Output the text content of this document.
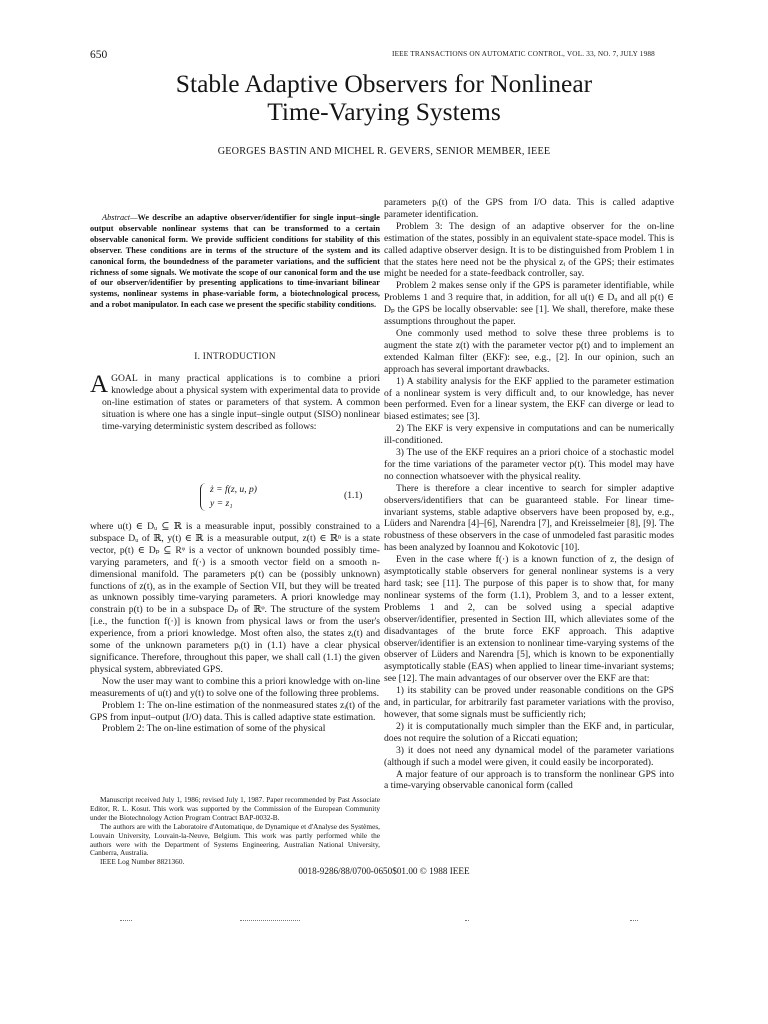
650	IEEE TRANSACTIONS ON AUTOMATIC CONTROL, VOL. 33, NO. 7, JULY 1988
Stable Adaptive Observers for Nonlinear
Time-Varying Systems
GEORGES BASTIN AND MICHEL R. GEVERS, SENIOR MEMBER, IEEE
Abstract—We describe an adaptive observer/identifier for single input–single output observable nonlinear systems that can be transformed to a certain observable canonical form. We provide sufficient conditions for stability of this observer. These conditions are in terms of the structure of the system and its canonical form, the boundedness of the parameter variations, and the sufficient richness of some signals. We motivate the scope of our canonical form and the use of our observer/identifier by presenting applications to time-invariant bilinear systems, nonlinear systems in phase-variable form, a biotechnological process, and a robot manipulator. In each case we present the specific stability conditions.
I. INTRODUCTION

AGOAL in many practical applications is to combine a priori knowledge about a physical system with experimental data to provide on-line estimation of states or parameters of that system. A common situation is where one has a single input–single output (SISO) nonlinear time-varying deterministic system described as follows:

ż = f(z, u, p)
y = z₁
(1.1)

where u(t) ∈ Dᵤ ⊆ ℝ is a measurable input, possibly constrained to a subspace Dᵤ of ℝ, y(t) ∈ ℝ is a measurable output, z(t) ∈ ℝⁿ is a state vector, p(t) ∈ Dₚ ⊆ Rᵠ is a vector of unknown bounded possibly time-varying parameters, and f(·) is a smooth vector field on a smooth n-dimensional manifold. The parameters p(t) can be (possibly unknown) functions of z(t), as in the example of Section VII, but they will be treated as unknown possibly time-varying parameters. A priori knowledge may constrain p(t) to be in a subspace Dₚ of ℝᵠ. The structure of the system [i.e., the function f(·)] is known from physical laws or from the user's experience, from a priori knowledge. Most often also, the states zᵢ(t) and some of the unknown parameters pᵢ(t) in (1.1) have a clear physical significance. Therefore, throughout this paper, we shall call (1.1) the given physical system, abbreviated GPS.

Now the user may want to combine this a priori knowledge with on-line measurements of u(t) and y(t) to solve one of the following three problems.

Problem 1: The on-line estimation of the nonmeasured states zᵢ(t) of the GPS from input–output (I/O) data. This is called adaptive state estimation.

Problem 2: The on-line estimation of some of the physical

Manuscript received July 1, 1986; revised July 1, 1987. Paper recommended by Past Associate Editor, R. L. Kosut. This work was supported by the Commission of the European Community under the Biotechnology Action Program Contract BAP-0032-B.

The authors are with the Laboratoire d'Automatique, de Dynamique et d'Analyse des Systèmes, Louvain University, Louvain-la-Neuve, Belgium. This work was partly performed while the authors were with the Department of Systems Engineering, Australian National University, Canberra, Australia.

IEEE Log Number 8821360.

parameters pᵢ(t) of the GPS from I/O data. This is called adaptive parameter identification.

Problem 3: The design of an adaptive observer for the on-line estimation of the states, possibly in an equivalent state-space model. This is called adaptive observer design. It is to be distinguished from Problem 1 in that the states here need not be the physical zᵢ of the GPS; their estimates might be needed for a state-feedback controller, say.

Problem 2 makes sense only if the GPS is parameter identifiable, while Problems 1 and 3 require that, in addition, for all u(t) ∈ Dᵤ and all p(t) ∈ Dₚ the GPS be locally observable: see [1]. We shall, therefore, make these assumptions throughout the paper.

One commonly used method to solve these three problems is to augment the state z(t) with the parameter vector p(t) and to implement an extended Kalman filter (EKF): see, e.g., [2]. In our opinion, such an approach has several important drawbacks.

1) A stability analysis for the EKF applied to the parameter estimation of a nonlinear system is very difficult and, to our knowledge, has never been performed. Even for a linear system, the EKF can diverge or lead to biased estimates; see [3].

2) The EKF is very expensive in computations and can be numerically ill-conditioned.

3) The use of the EKF requires an a priori choice of a stochastic model for the time variations of the parameter vector p(t). This model may have no connection whatsoever with the physical reality.

There is therefore a clear incentive to search for simpler adaptive observers/identifiers that can be guaranteed stable. For linear time-invariant systems, stable adaptive observers have been proposed by, e.g., Lüders and Narendra [4]–[6], Narendra [7], and Kreisselmeier [8], [9]. The robustness of these observers in the case of unmodeled fast parasitic modes has been analyzed by Ioannou and Kokotovic [10].

Even in the case where f(·) is a known function of z, the design of asymptotically stable observers for general nonlinear systems is a very hard task; see [11]. The purpose of this paper is to show that, for many nonlinear systems of the form (1.1), Problem 3, and to a lesser extent, Problems 1 and 2, can be solved using a special adaptive observer/identifier, presented in Section III, which alleviates some of the disadvantages of the brute force EKF approach. This adaptive observer/identifier is an extension to nonlinear time-varying systems of the observer of Lüders and Narendra [5], which is known to be exponentially asymptotically stable (EAS) when applied to linear time-invariant systems; see [12]. The main advantages of our observer over the EKF are that:

1) its stability can be proved under reasonable conditions on the GPS and, in particular, for arbitrarily fast parameter variations with the proviso, however, that some signals must be sufficiently rich;

2) it is computationally much simpler than the EKF and, in particular, does not require the solution of a Riccati equation;

3) it does not need any dynamical model of the parameter variations (although if such a model were given, it could easily be incorporated).

A major feature of our approach is to transform the nonlinear GPS into a time-varying observable canonical form (called

0018-9286/88/0700-0650$01.00 © 1988 IEEE
